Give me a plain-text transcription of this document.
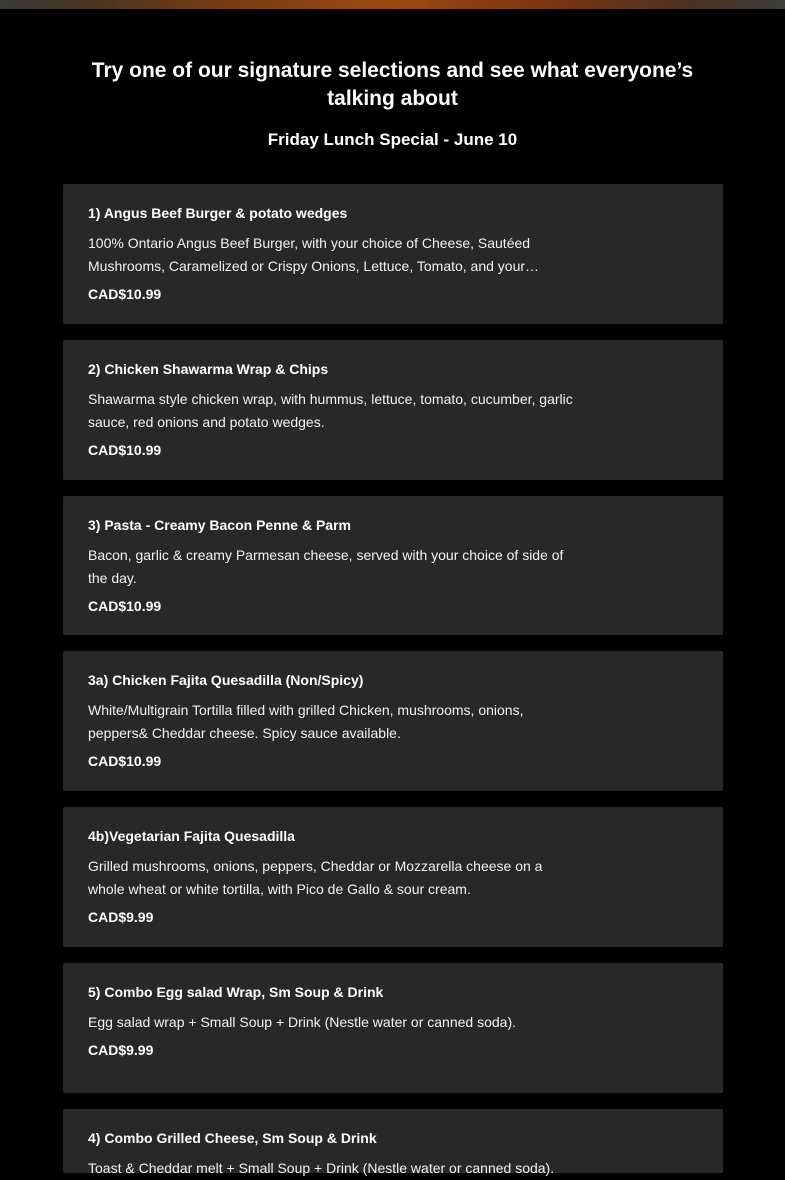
Try one of our signature selections and see what everyone’s talking about
Friday Lunch Special - June 10
1) Angus Beef Burger & potato wedges
100% Ontario Angus Beef Burger, with your choice of Cheese, Sautéed Mushrooms, Caramelized or Crispy Onions, Lettuce, Tomato, and your…
CAD$10.99
2) Chicken Shawarma Wrap & Chips
Shawarma style chicken wrap, with hummus, lettuce, tomato, cucumber, garlic sauce, red onions and potato wedges.
CAD$10.99
3) Pasta - Creamy Bacon Penne & Parm
Bacon, garlic & creamy Parmesan cheese, served with your choice of side of the day.
CAD$10.99
3a) Chicken Fajita Quesadilla (Non/Spicy)
White/Multigrain Tortilla filled with grilled Chicken, mushrooms, onions, peppers& Cheddar cheese. Spicy sauce available.
CAD$10.99
4b)Vegetarian Fajita Quesadilla
Grilled mushrooms, onions, peppers, Cheddar or Mozzarella cheese on a whole wheat or white tortilla, with Pico de Gallo & sour cream.
CAD$9.99
5) Combo Egg salad Wrap, Sm Soup & Drink
Egg salad wrap + Small Soup + Drink (Nestle water or canned soda).
CAD$9.99
4) Combo Grilled Cheese, Sm Soup & Drink
Toast & Cheddar melt + Small Soup + Drink (Nestle water or canned soda).
